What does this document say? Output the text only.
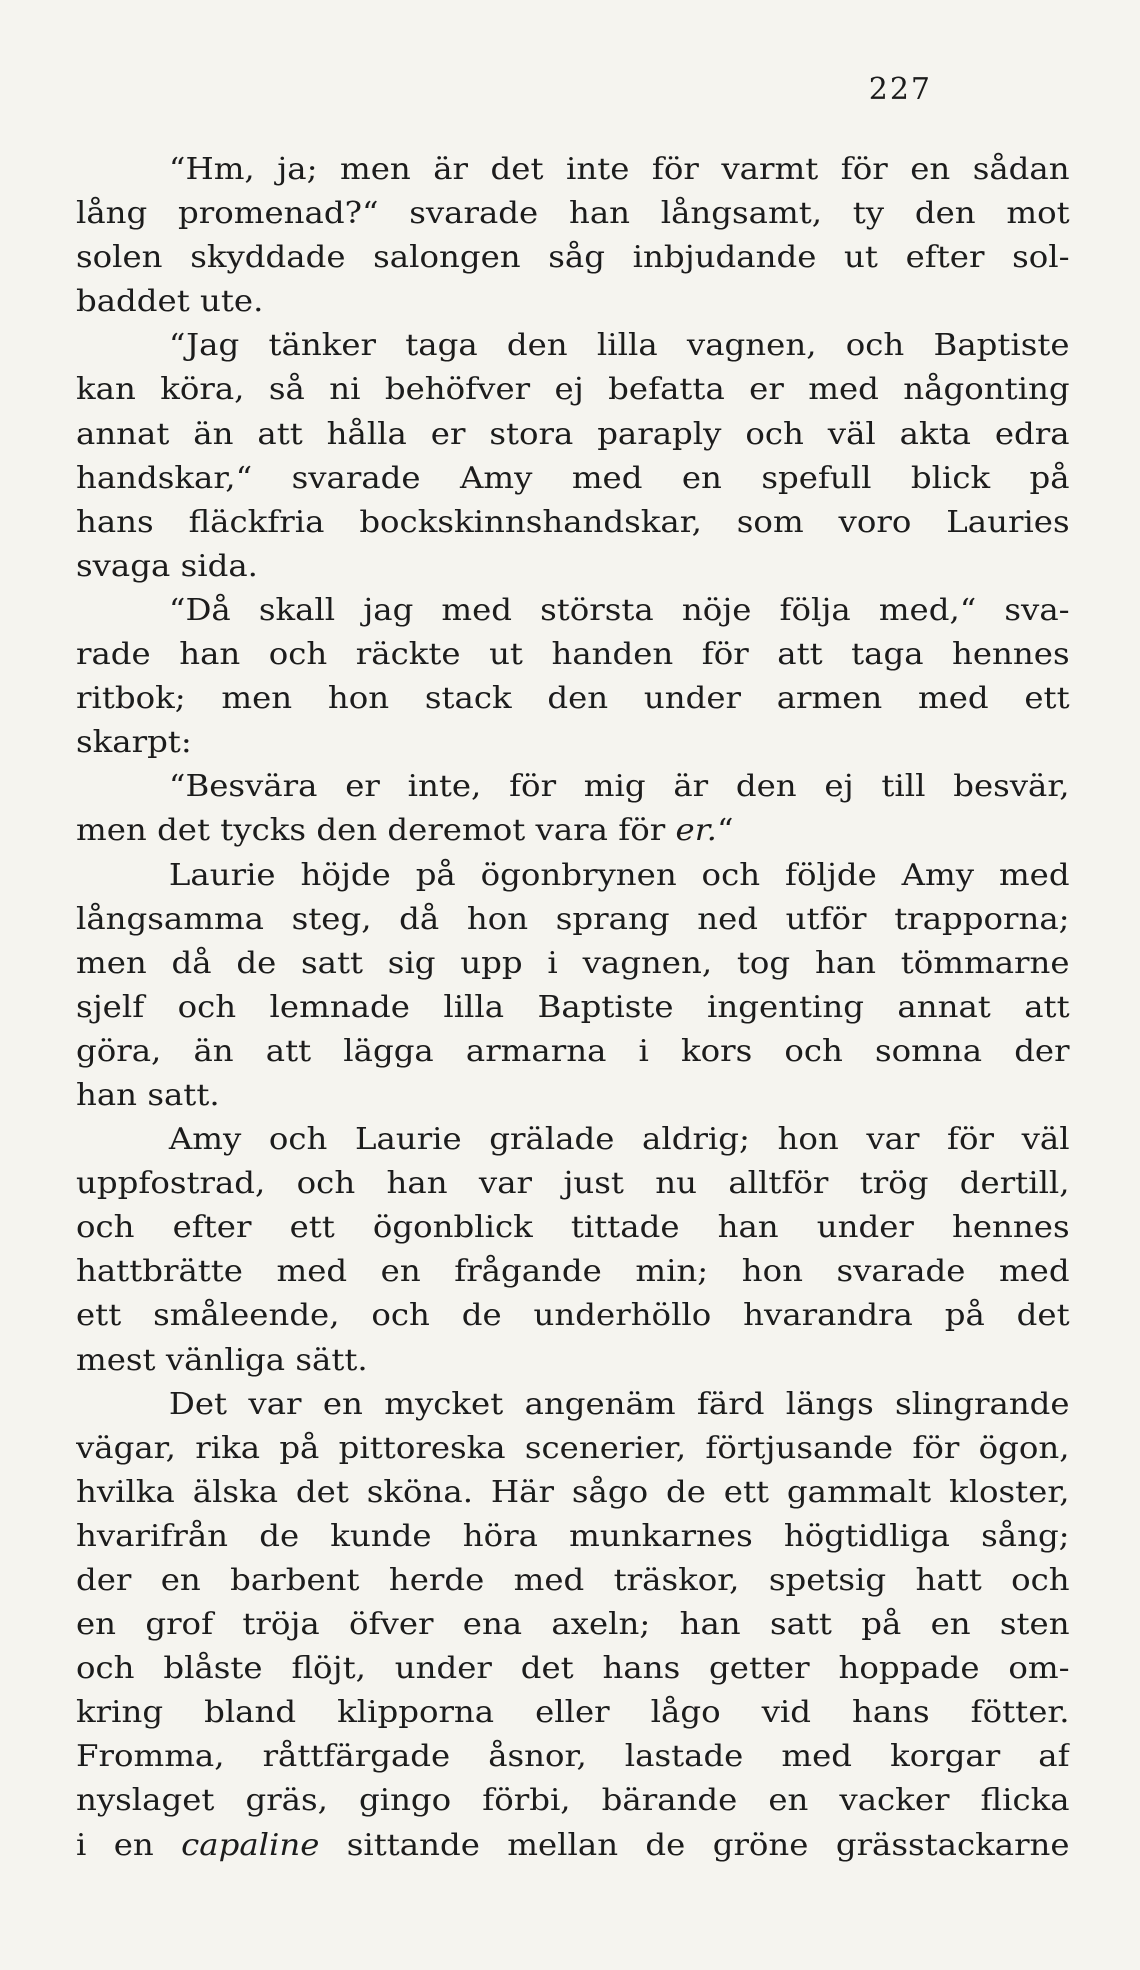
227
“Hm, ja; men är det inte för varmt för en sådan
lång promenad?“ svarade han långsamt, ty den mot
solen skyddade salongen såg inbjudande ut efter sol-
baddet ute.
“Jag tänker taga den lilla vagnen, och Baptiste
kan köra, så ni behöfver ej befatta er med någonting
annat än att hålla er stora paraply och väl akta edra
handskar,“ svarade Amy med en spefull blick på
hans fläckfria bockskinnshandskar, som voro Lauries
svaga sida.
“Då skall jag med största nöje följa med,“ sva-
rade han och räckte ut handen för att taga hennes
ritbok; men hon stack den under armen med ett
skarpt:
“Besvära er inte, för mig är den ej till besvär,
men det tycks den deremot vara för er.“
Laurie höjde på ögonbrynen och följde Amy med
långsamma steg, då hon sprang ned utför trapporna;
men då de satt sig upp i vagnen, tog han tömmarne
sjelf och lemnade lilla Baptiste ingenting annat att
göra, än att lägga armarna i kors och somna der
han satt.
Amy och Laurie grälade aldrig; hon var för väl
uppfostrad, och han var just nu alltför trög dertill,
och efter ett ögonblick tittade han under hennes
hattbrätte med en frågande min; hon svarade med
ett småleende, och de underhöllo hvarandra på det
mest vänliga sätt.
Det var en mycket angenäm färd längs slingrande
vägar, rika på pittoreska scenerier, förtjusande för ögon,
hvilka älska det sköna. Här sågo de ett gammalt kloster,
hvarifrån de kunde höra munkarnes högtidliga sång;
der en barbent herde med träskor, spetsig hatt och
en grof tröja öfver ena axeln; han satt på en sten
och blåste flöjt, under det hans getter hoppade om-
kring bland klipporna eller lågo vid hans fötter.
Fromma, råttfärgade åsnor, lastade med korgar af
nyslaget gräs, gingo förbi, bärande en vacker flicka
i en capaline sittande mellan de gröne grässtackarne
